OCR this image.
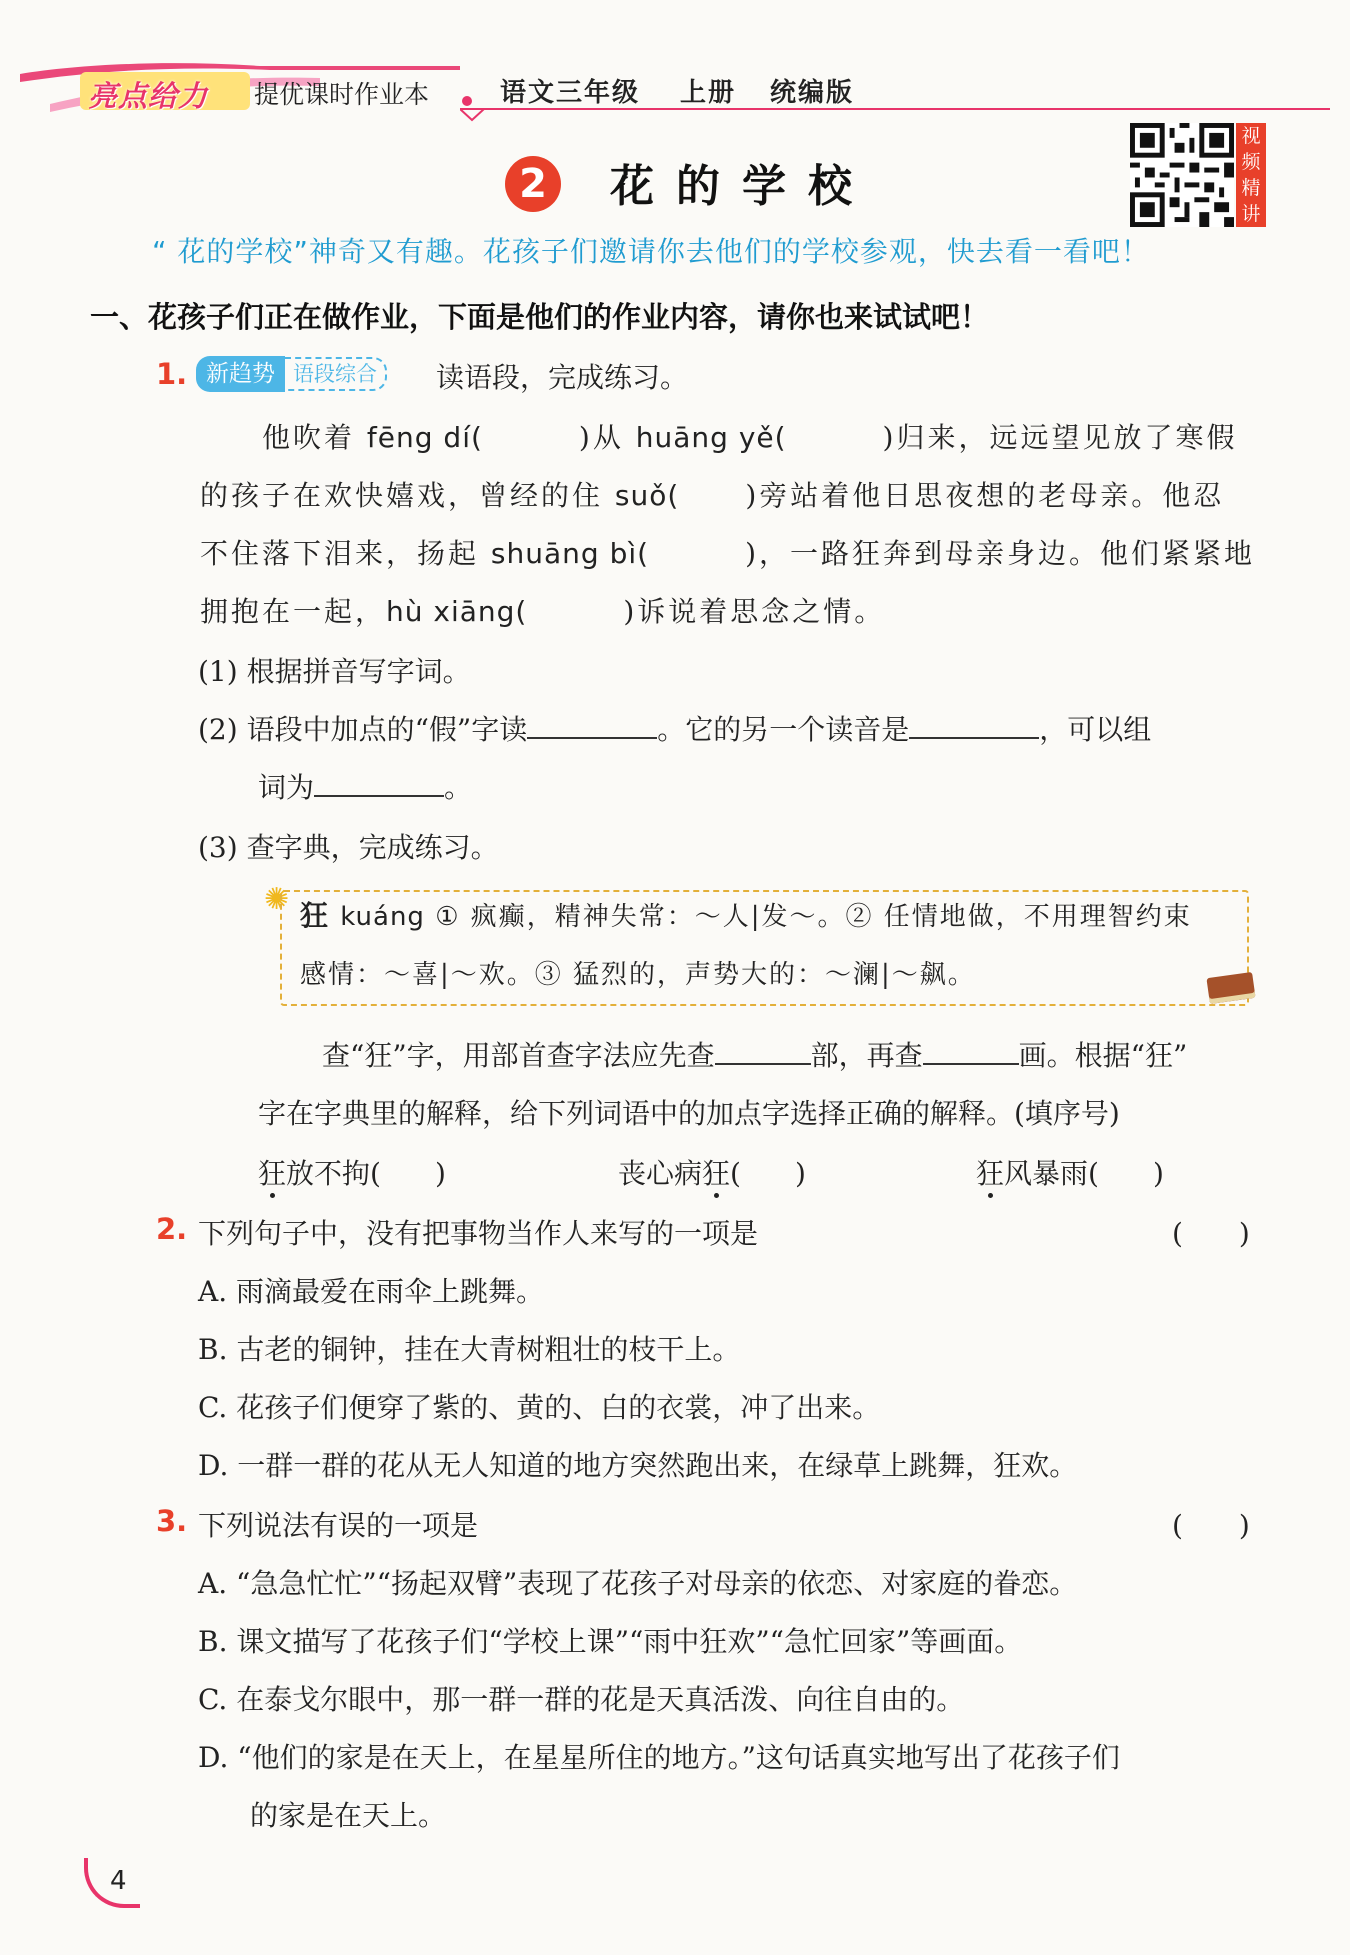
亮点给力 提优课时作业本	语文三年级 上册 统编版
2	花的学校
视频精讲
“ 花的学校”神奇又有趣。花孩子们邀请你去他们的学校参观，快去看一看吧！
一、花孩子们正在做作业，下面是他们的作业内容，请你也来试试吧！
1. 新趋势 语段综合	读语段，完成练习。
他吹着 fēng dí(	)从 huāng yě(	)归来，远远望见放了寒假
的孩子在欢快嬉戏，曾经的住 suǒ( )旁站着他日思夜想的老母亲。他忍
不住落下泪来，扬起 shuāng bì(	)，一路狂奔到母亲身边。他们紧紧地
拥抱在一起，hù xiāng(	)诉说着思念之情。
(1) 根据拼音写字词。
(2) 语段中加点的“假”字读	。它的另一个读音是	，可以组
词为	。
(3) 查字典，完成练习。
✺ 狂 kuáng ① 疯癫，精神失常：～人|发～。② 任情地做，不用理智约束
感情：～喜|～欢。③ 猛烈的，声势大的：～澜|～飙。
查“狂”字，用部首查字法应先查	部，再查	画。根据“狂”
字在字典里的解释，给下列词语中的加点字选择正确的解释。(填序号)
狂放不拘( )	丧心病狂( )	狂风暴雨( )
2. 下列句子中，没有把事物当作人来写的一项是	(　　)
A. 雨滴最爱在雨伞上跳舞。
B. 古老的铜钟，挂在大青树粗壮的枝干上。
C. 花孩子们便穿了紫的、黄的、白的衣裳，冲了出来。
D. 一群一群的花从无人知道的地方突然跑出来，在绿草上跳舞，狂欢。
3. 下列说法有误的一项是	(　　)
A. “急急忙忙”“扬起双臂”表现了花孩子对母亲的依恋、对家庭的眷恋。
B. 课文描写了花孩子们“学校上课”“雨中狂欢”“急忙回家”等画面。
C. 在泰戈尔眼中，那一群一群的花是天真活泼、向往自由的。
D. “他们的家是在天上，在星星所住的地方。”这句话真实地写出了花孩子们
的家是在天上。
4
